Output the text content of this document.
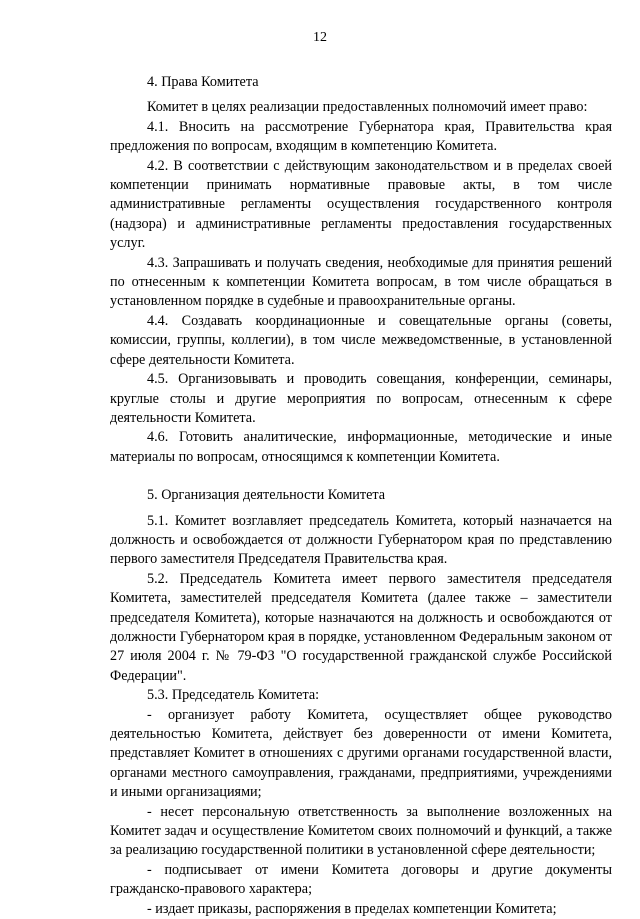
12

4. Права Комитета

Комитет в целях реализации предоставленных полномочий имеет право:

4.1. Вносить на рассмотрение Губернатора края, Правительства края предложения по вопросам, входящим в компетенцию Комитета.

4.2. В соответствии с действующим законодательством и в пределах своей компетенции принимать нормативные правовые акты, в том числе административные регламенты осуществления государственного контроля (надзора) и административные регламенты предоставления государственных услуг.

4.3. Запрашивать и получать сведения, необходимые для принятия решений по отнесенным к компетенции Комитета вопросам, в том числе обращаться в установленном порядке в судебные и правоохранительные органы.

4.4. Создавать координационные и совещательные органы (советы, комиссии, группы, коллегии), в том числе межведомственные, в установленной сфере деятельности Комитета.

4.5. Организовывать и проводить совещания, конференции, семинары, круглые столы и другие мероприятия по вопросам, отнесенным к сфере деятельности Комитета.

4.6. Готовить аналитические, информационные, методические и иные материалы по вопросам, относящимся к компетенции Комитета.

5. Организация деятельности Комитета

5.1. Комитет возглавляет председатель Комитета, который назначается на должность и освобождается от должности Губернатором края по представлению первого заместителя Председателя Правительства края.

5.2. Председатель Комитета имеет первого заместителя председателя Комитета, заместителей председателя Комитета (далее также – заместители председателя Комитета), которые назначаются на должность и освобождаются от должности Губернатором края в порядке, установленном Федеральным законом от 27 июля 2004 г. № 79-ФЗ "О государственной гражданской службе Российской Федерации".

5.3. Председатель Комитета:

- организует работу Комитета, осуществляет общее руководство деятельностью Комитета, действует без доверенности от имени Комитета, представляет Комитет в отношениях с другими органами государственной власти, органами местного самоуправления, гражданами, предприятиями, учреждениями и иными организациями;

- несет персональную ответственность за выполнение возложенных на Комитет задач и осуществление Комитетом своих полномочий и функций, а также за реализацию государственной политики в установленной сфере деятельности;

- подписывает от имени Комитета договоры и другие документы гражданско-правового характера;

- издает приказы, распоряжения в пределах компетенции Комитета;
